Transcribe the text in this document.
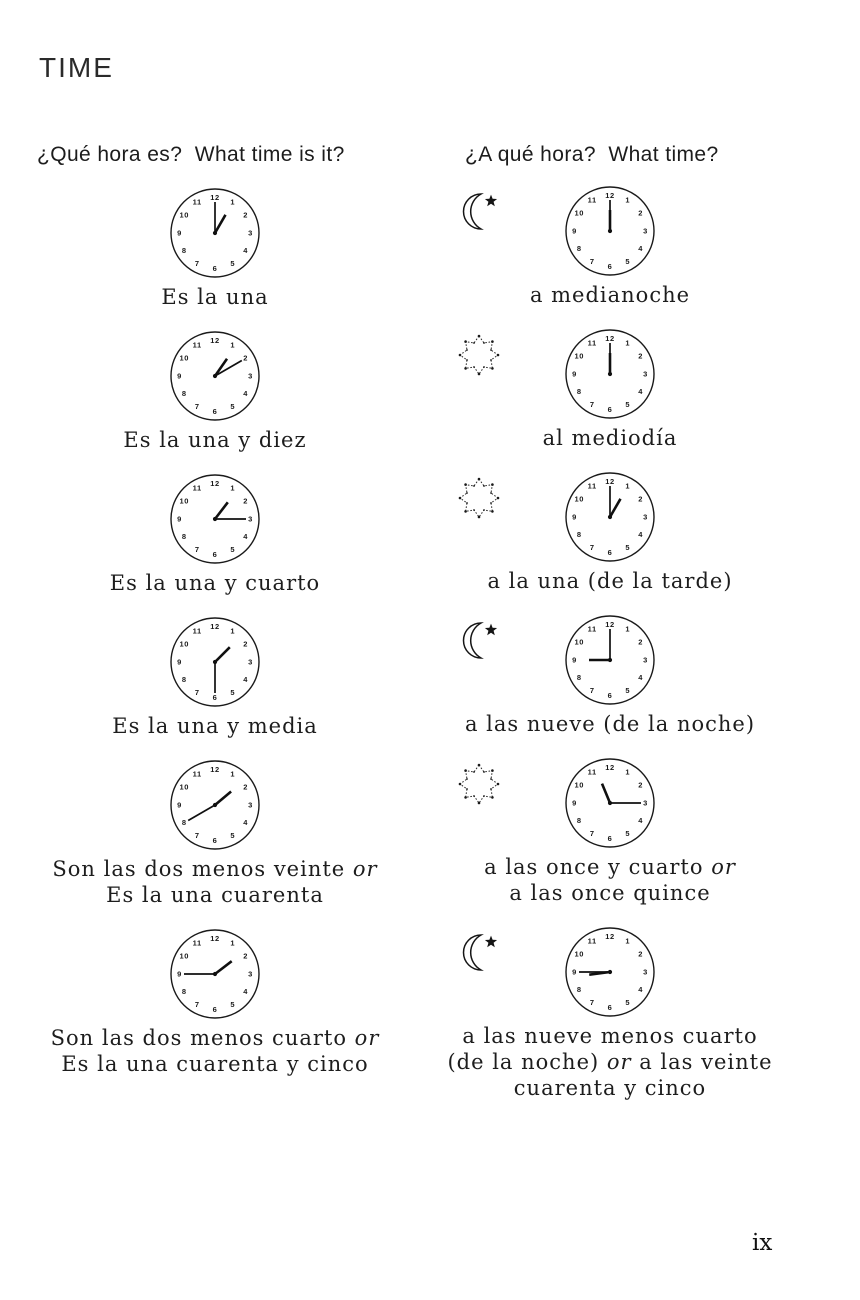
TIME
¿Qué hora es?  What time is it?	¿A qué hora?  What time?
1
2
3
4
5
6
7
8
9
10
11
12
Es la una
1
2
3
4
5
6
7
8
9
10
11
12
Es la una y diez
1
2
3
4
5
6
7
8
9
10
11
12
Es la una y cuarto
1
2
3
4
5
6
7
8
9
10
11
12
Es la una y media
1
2
3
4
5
6
7
8
9
10
11
12
Son las dos menos veinte or
Es la una cuarenta
1
2
3
4
5
6
7
8
9
10
11
12
Son las dos menos cuarto or
Es la una cuarenta y cinco
1
2
3
4
5
6
7
8
9
10
11
12
a medianoche
1
2
3
4
5
6
7
8
9
10
11
12
al mediodía
1
2
3
4
5
6
7
8
9
10
11
12
a la una (de la tarde)
1
2
3
4
5
6
7
8
9
10
11
12
a las nueve (de la noche)
1
2
3
4
5
6
7
8
9
10
11
12
a las once y cuarto or
a las once quince
1
2
3
4
5
6
7
8
9
10
11
12
a las nueve menos cuarto
(de la noche) or a las veinte
cuarenta y cinco
ix
